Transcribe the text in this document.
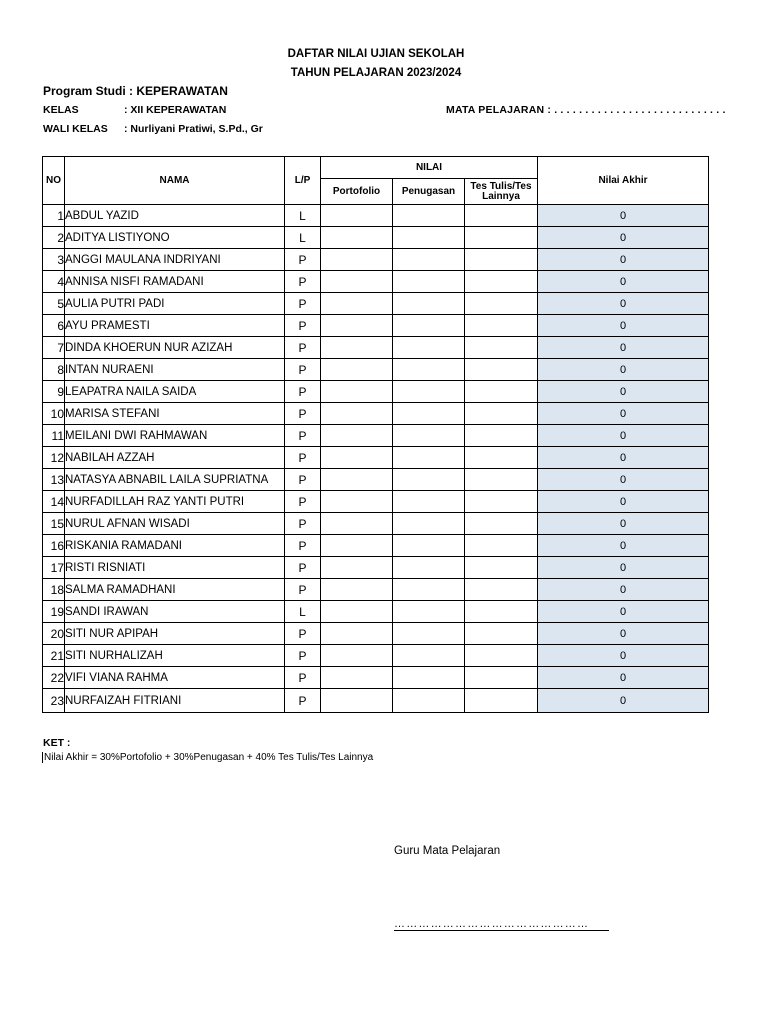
DAFTAR NILAI UJIAN SEKOLAH
TAHUN PELAJARAN 2023/2024
Program Studi : KEPERAWATAN
KELAS	: XII KEPERAWATAN
WALI KELAS : Nurliyani Pratiwi, S.Pd., Gr
MATA PELAJARAN : . . . . . . . . . . . . . . . . . . . . . . . . . . . .
NO	NAMA	L/P	NILAI			Nilai Akhir
			Portofolio	Penugasan	Tes Tulis/Tes Lainnya	
1	ABDUL YAZID	L				0
2	ADITYA LISTIYONO	L				0
3	ANGGI MAULANA INDRIYANI	P				0
4	ANNISA NISFI RAMADANI	P				0
5	AULIA PUTRI PADI	P				0
6	AYU PRAMESTI	P				0
7	DINDA KHOERUN NUR AZIZAH	P				0
8	INTAN NURAENI	P				0
9	LEAPATRA NAILA SAIDA	P				0
10	MARISA STEFANI	P				0
11	MEILANI DWI RAHMAWAN	P				0
12	NABILAH AZZAH	P				0
13	NATASYA ABNABIL LAILA SUPRIATNA	P				0
14	NURFADILLAH RAZ YANTI PUTRI	P				0
15	NURUL AFNAN WISADI	P				0
16	RISKANIA RAMADANI	P				0
17	RISTI RISNIATI	P				0
18	SALMA RAMADHANI	P				0
19	SANDI IRAWAN	L				0
20	SITI NUR APIPAH	P				0
21	SITI NURHALIZAH	P				0
22	VIFI VIANA RAHMA	P				0
23	NURFAIZAH FITRIANI	P				0
KET :
Nilai Akhir = 30%Portofolio + 30%Penugasan + 40% Tes Tulis/Tes Lainnya
Guru Mata Pelajaran
…………………………………………
